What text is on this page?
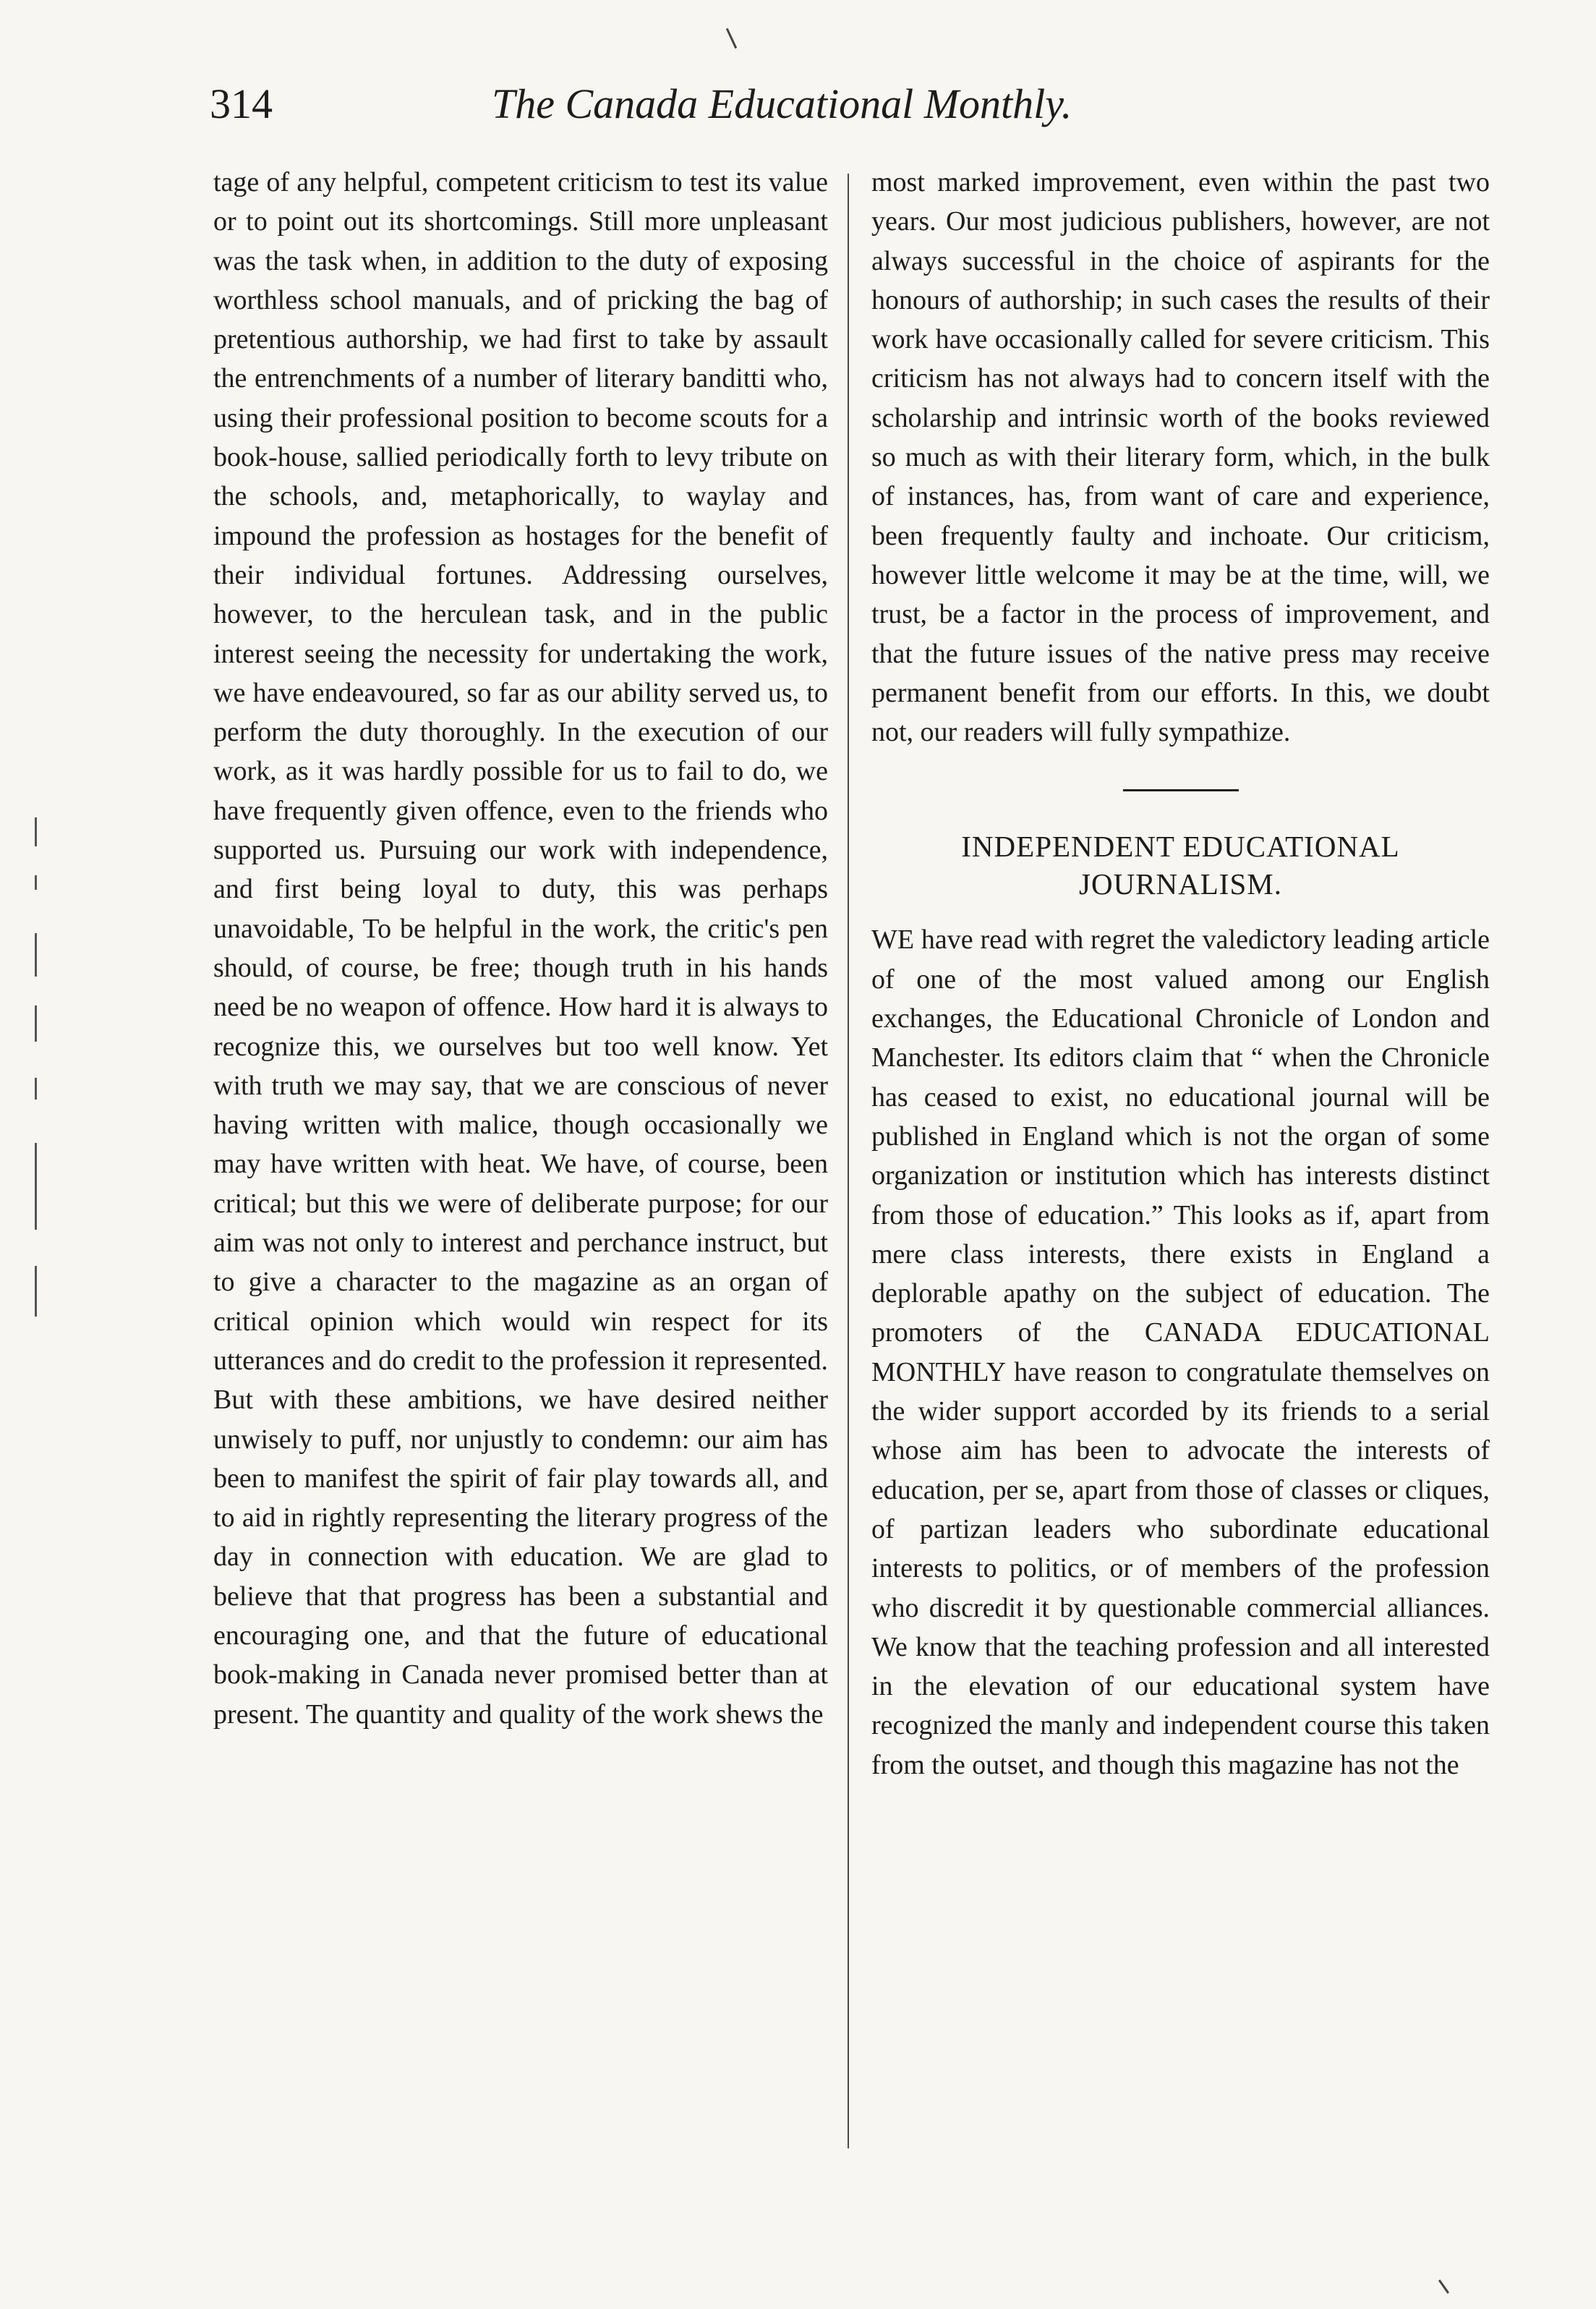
314	The Canada Educational Monthly.

tage of any helpful, competent criticism to test its value or to point out its shortcomings. Still more unpleasant was the task when, in addition to the duty of exposing worthless school manuals, and of pricking the bag of pretentious authorship, we had first to take by assault the entrenchments of a number of literary banditti who, using their professional position to become scouts for a book-house, sallied periodically forth to levy tribute on the schools, and, metaphorically, to waylay and impound the profession as hostages for the benefit of their individual fortunes. Addressing ourselves, however, to the herculean task, and in the public interest seeing the necessity for undertaking the work, we have endeavoured, so far as our ability served us, to perform the duty thoroughly. In the execution of our work, as it was hardly possible for us to fail to do, we have frequently given offence, even to the friends who supported us. Pursuing our work with independence, and first being loyal to duty, this was perhaps unavoidable, To be helpful in the work, the critic's pen should, of course, be free; though truth in his hands need be no weapon of offence. How hard it is always to recognize this, we ourselves but too well know. Yet with truth we may say, that we are conscious of never having written with malice, though occasionally we may have written with heat. We have, of course, been critical; but this we were of deliberate purpose; for our aim was not only to interest and perchance instruct, but to give a character to the magazine as an organ of critical opinion which would win respect for its utterances and do credit to the profession it represented. But with these ambitions, we have desired neither unwisely to puff, nor unjustly to condemn: our aim has been to manifest the spirit of fair play towards all, and to aid in rightly representing the literary progress of the day in connection with education. We are glad to believe that that progress has been a substantial and encouraging one, and that the future of educational book-making in Canada never promised better than at present. The quantity and quality of the work shews the

most marked improvement, even within the past two years. Our most judicious publishers, however, are not always successful in the choice of aspirants for the honours of authorship; in such cases the results of their work have occasionally called for severe criticism. This criticism has not always had to concern itself with the scholarship and intrinsic worth of the books reviewed so much as with their literary form, which, in the bulk of instances, has, from want of care and experience, been frequently faulty and inchoate. Our criticism, however little welcome it may be at the time, will, we trust, be a factor in the process of improvement, and that the future issues of the native press may receive permanent benefit from our efforts. In this, we doubt not, our readers will fully sympathize.

INDEPENDENT EDUCATIONAL
JOURNALISM.

WE have read with regret the valedictory leading article of one of the most valued among our English exchanges, the Educational Chronicle of London and Manchester. Its editors claim that “ when the Chronicle has ceased to exist, no educational journal will be published in England which is not the organ of some organization or institution which has interests distinct from those of education.” This looks as if, apart from mere class interests, there exists in England a deplorable apathy on the subject of education. The promoters of the CANADA EDUCATIONAL MONTHLY have reason to congratulate themselves on the wider support accorded by its friends to a serial whose aim has been to advocate the interests of education, per se, apart from those of classes or cliques, of partizan leaders who subordinate educational interests to politics, or of members of the profession who discredit it by questionable commercial alliances. We know that the teaching profession and all interested in the elevation of our educational system have recognized the manly and independent course this taken from the outset, and though this magazine has not the
